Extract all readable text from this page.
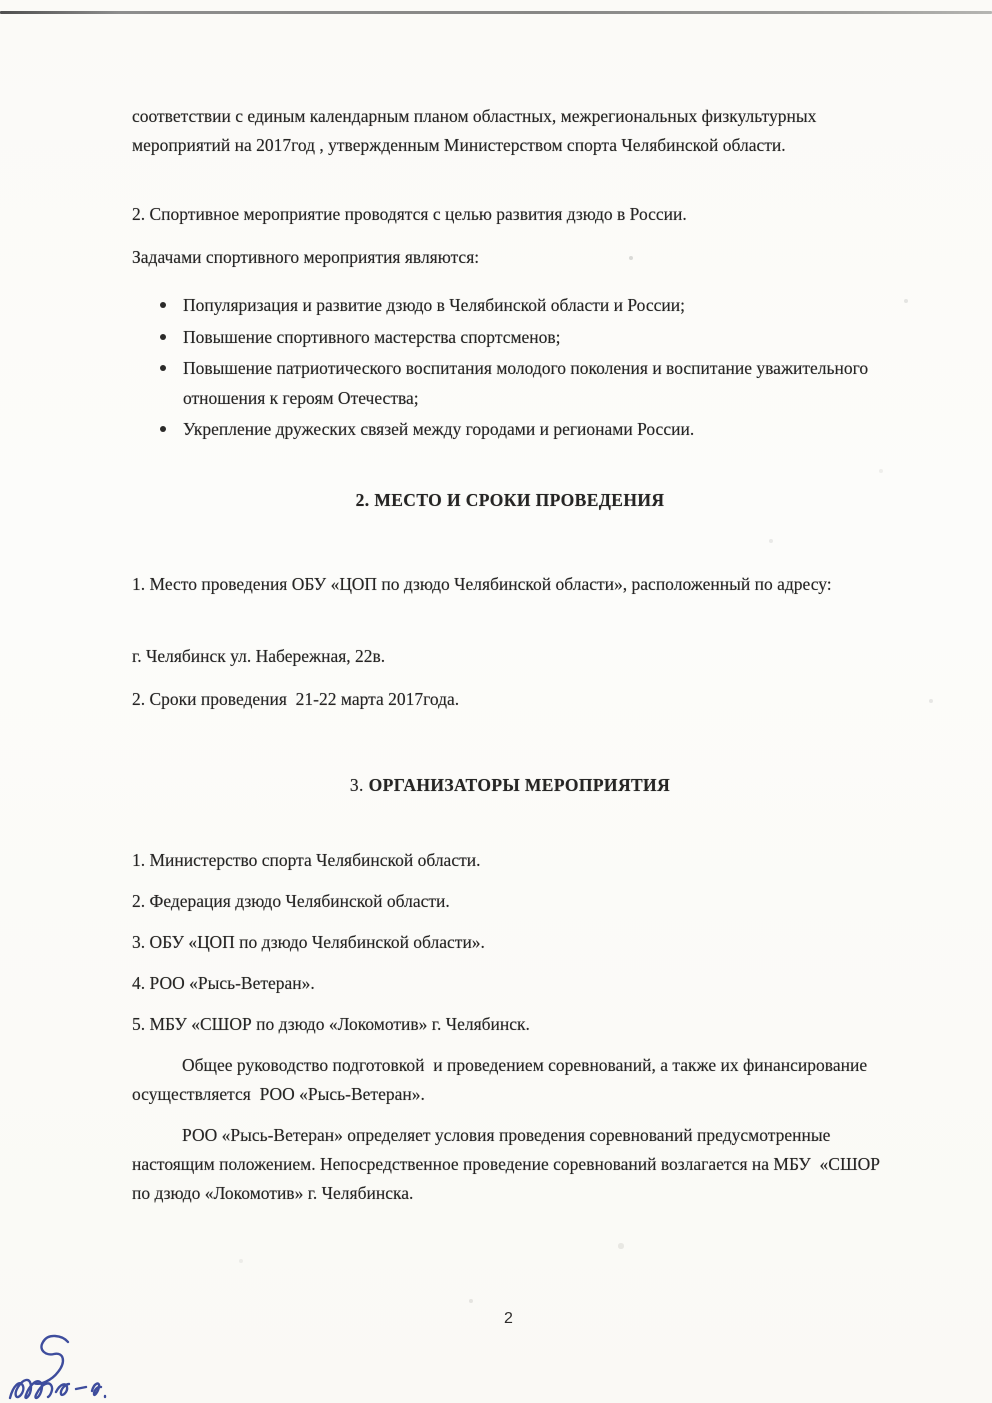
соответствии с единым календарным планом областных, межрегиональных физкультурных мероприятий на 2017год , утвержденным Министерством спорта Челябинской области.
2. Спортивное мероприятие проводятся с целью развития дзюдо в России.
Задачами спортивного мероприятия являются:
Популяризация и развитие дзюдо в Челябинской области и России;
Повышение спортивного мастерства спортсменов;
Повышение патриотического воспитания молодого поколения и воспитание уважительного отношения к героям Отечества;
Укрепление дружеских связей между городами и регионами России.
2. МЕСТО И СРОКИ ПРОВЕДЕНИЯ
1. Место проведения ОБУ «ЦОП по дзюдо Челябинской области», расположенный по адресу:
г. Челябинск ул. Набережная, 22в.
2. Сроки проведения  21-22 марта 2017года.
3. ОРГАНИЗАТОРЫ МЕРОПРИЯТИЯ
1. Министерство спорта Челябинской области.
2. Федерация дзюдо Челябинской области.
3. ОБУ «ЦОП по дзюдо Челябинской области».
4. РОО «Рысь-Ветеран».
5. МБУ «СШОР по дзюдо «Локомотив» г. Челябинск.
Общее руководство подготовкой  и проведением соревнований, а также их финансирование осуществляется  РОО «Рысь-Ветеран».
РОО «Рысь-Ветеран» определяет условия проведения соревнований предусмотренные настоящим положением. Непосредственное проведение соревнований возлагается на МБУ  «СШОР по дзюдо «Локомотив» г. Челябинска.
2
